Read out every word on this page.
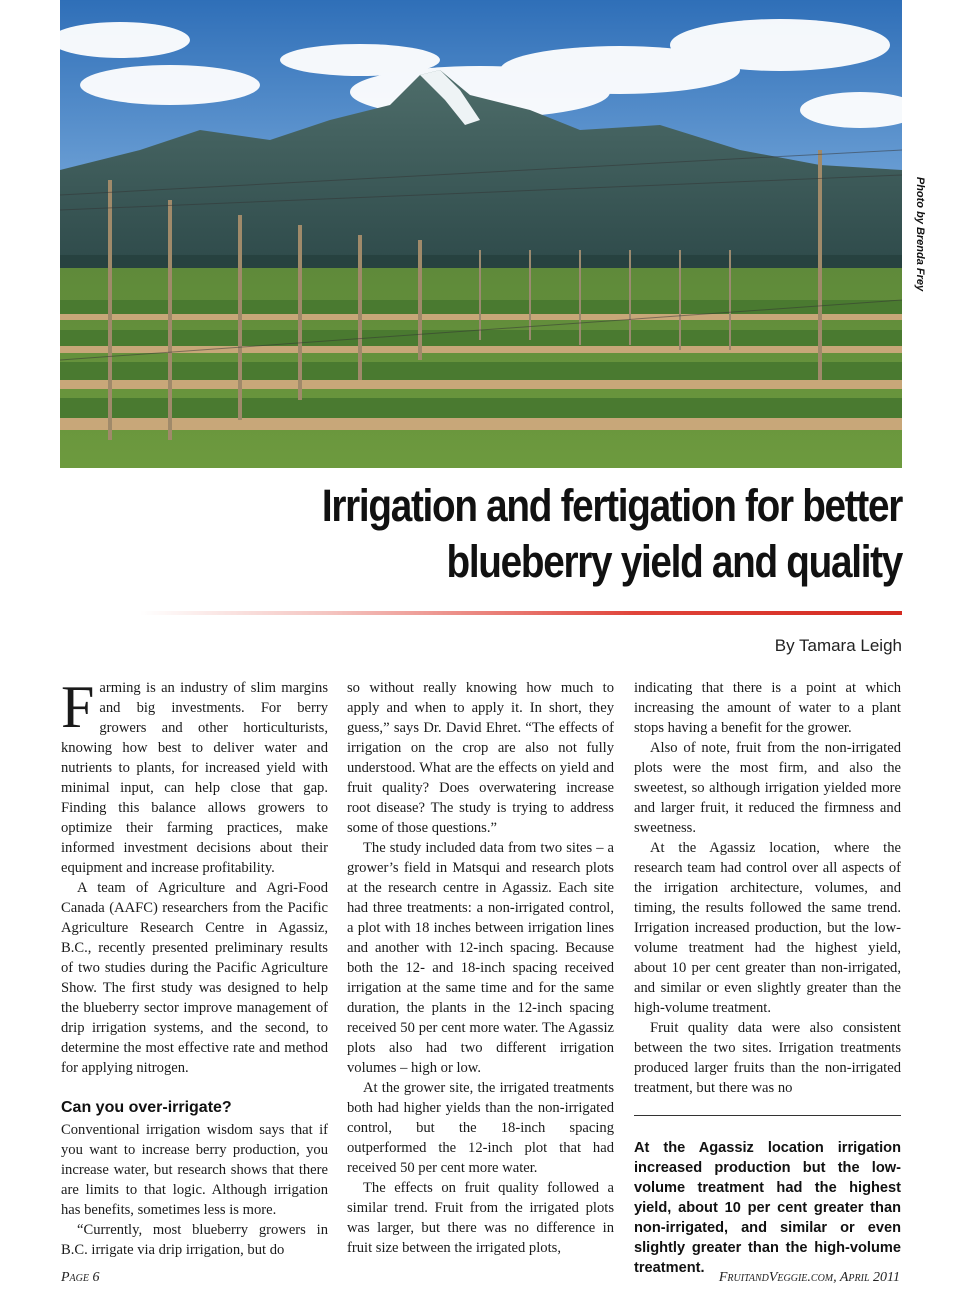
Photo by Brenda Frey
Irrigation and fertigation for better
blueberry yield and quality
By Tamara Leigh
F arming is an industry of slim margins and big investments. For berry growers and other horticulturists, knowing how best to deliver water and nutrients to plants, for increased yield with minimal input, can help close that gap. Finding this balance allows growers to optimize their farming practices, make informed investment decisions about their equipment and increase profitability.

A team of Agriculture and Agri-Food Canada (AAFC) researchers from the Pacific Agriculture Research Centre in Agassiz, B.C., recently presented preliminary results of two studies during the Pacific Agriculture Show. The first study was designed to help the blueberry sector improve management of drip irrigation systems, and the second, to determine the most effective rate and method for applying nitrogen.

Can you over-irrigate?

Conventional irrigation wisdom says that if you want to increase berry production, you increase water, but research shows that there are limits to that logic. Although irrigation has benefits, sometimes less is more.

“Currently, most blueberry growers in B.C. irrigate via drip irrigation, but do

so without really knowing how much to apply and when to apply it. In short, they guess,” says Dr. David Ehret. “The effects of irrigation on the crop are also not fully understood. What are the effects on yield and fruit quality? Does overwatering increase root disease? The study is trying to address some of those questions.”

The study included data from two sites – a grower’s field in Matsqui and research plots at the research centre in Agassiz. Each site had three treatments: a non-irrigated control, a plot with 18 inches between irrigation lines and another with 12-inch spacing. Because both the 12- and 18-inch spacing received irrigation at the same time and for the same duration, the plants in the 12-inch spacing received 50 per cent more water. The Agassiz plots also had two different irrigation volumes – high or low.

At the grower site, the irrigated treatments both had higher yields than the non-irrigated control, but the 18-inch spacing outperformed the 12-inch plot that had received 50 per cent more water.

The effects on fruit quality followed a similar trend. Fruit from the irrigated plots was larger, but there was no difference in fruit size between the irrigated plots,

indicating that there is a point at which increasing the amount of water to a plant stops having a benefit for the grower.

Also of note, fruit from the non-irrigated plots were the most firm, and also the sweetest, so although irrigation yielded more and larger fruit, it reduced the firmness and sweetness.

At the Agassiz location, where the research team had control over all aspects of the irrigation architecture, volumes, and timing, the results followed the same trend. Irrigation increased production, but the low-volume treatment had the highest yield, about 10 per cent greater than non-irrigated, and similar or even slightly greater than the high-volume treatment.

Fruit quality data were also consistent between the two sites. Irrigation treatments produced larger fruits than the non-irrigated treatment, but there was no

At the Agassiz location irrigation increased production but the low-volume treatment had the highest yield, about 10 per cent greater than non-irrigated, and similar or even slightly greater than the high-volume treatment.
Page 6	FruitandVeggie.com, April 2011
